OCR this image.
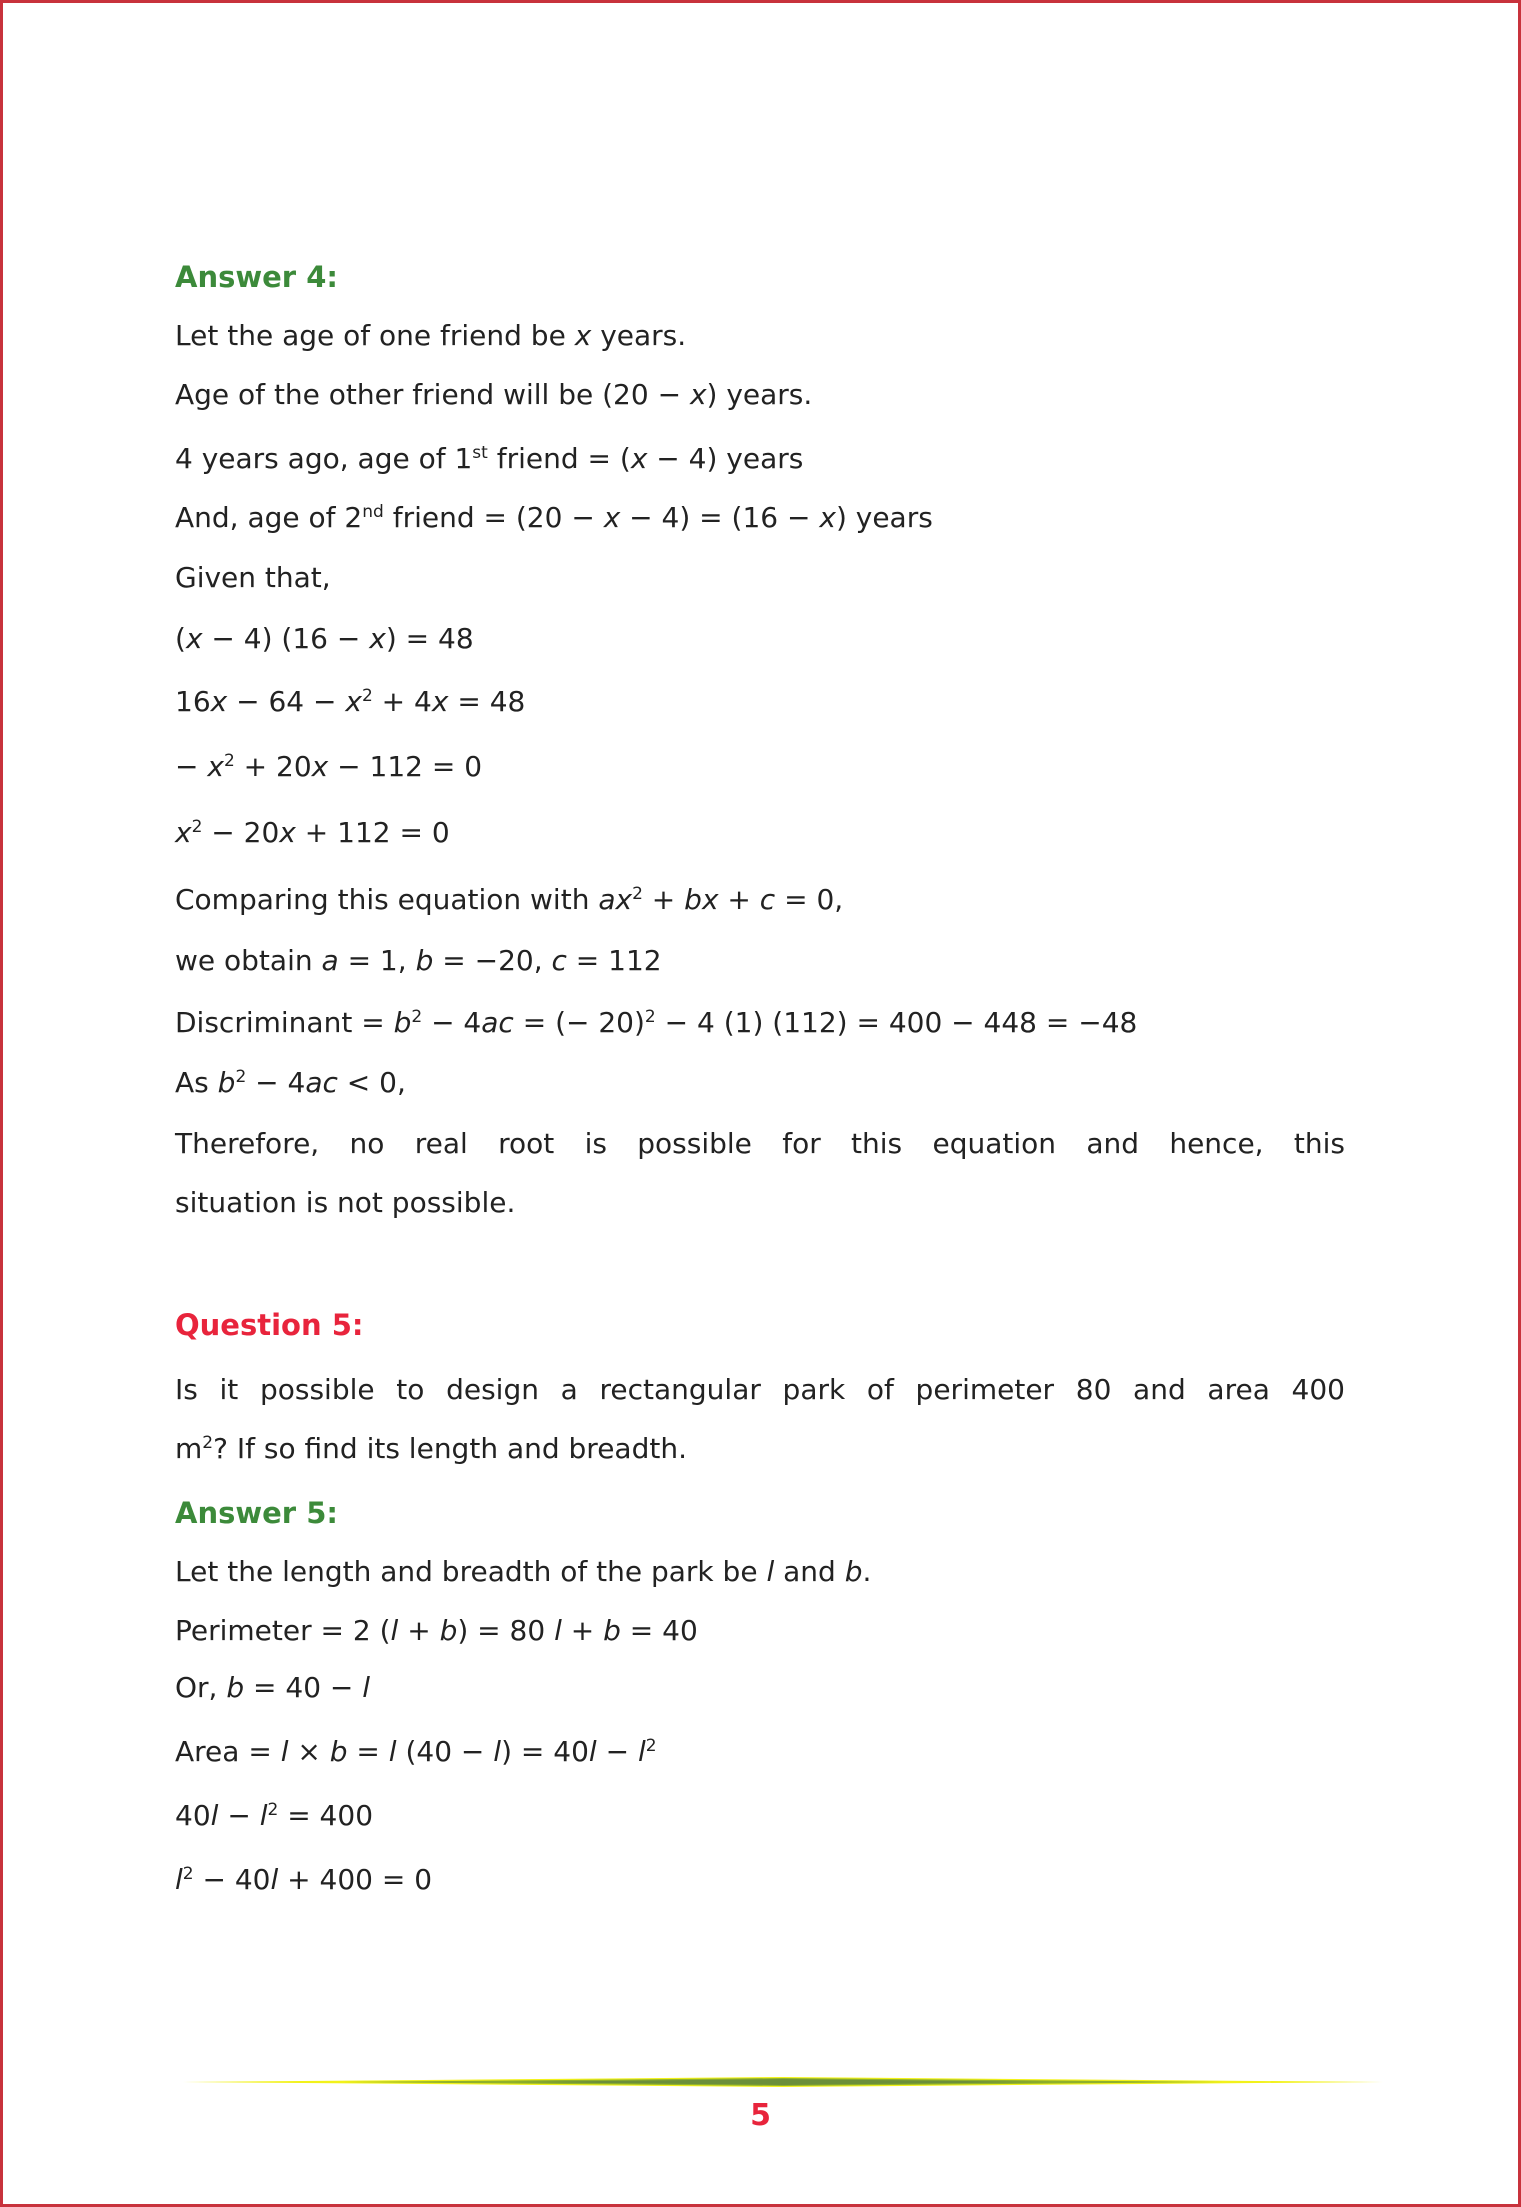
Answer 4:
Let the age of one friend be x years.
Age of the other friend will be (20 − x) years.
4 years ago, age of 1st friend = (x − 4) years
And, age of 2nd friend = (20 − x − 4) = (16 − x) years
Given that,
(x − 4) (16 − x) = 48
$16x - 64 - x^2 + 4x = 48$
− $x^2 + 20x - 112 = 0$
$x^2 - 20x + 112 = 0$
Comparing this equation with $ax^2$ + bx + c = 0,
we obtain a = 1, b = −20, c = 112
Discriminant = $b^2 - 4ac$ = (− 20)$^2$ − 4 (1) (112) = 400 − 448 = −48
As $b^2 - 4ac < 0$,
Therefore, no real root is possible for this equation and hence, this
situation is not possible.
Question 5:
Is it possible to design a rectangular park of perimeter 80 and area 400
$m^2$? If so find its length and breadth.
Answer 5:
Let the length and breadth of the park be l and b.
Perimeter = 2 (l + b) = 80 l + b = 40
Or, b = 40 − l
Area = l × b = l $(40 - l) = 40l - l^2$
$40l - l^2 = 400$
$l^2 - 40l + 400 = 0$
5
